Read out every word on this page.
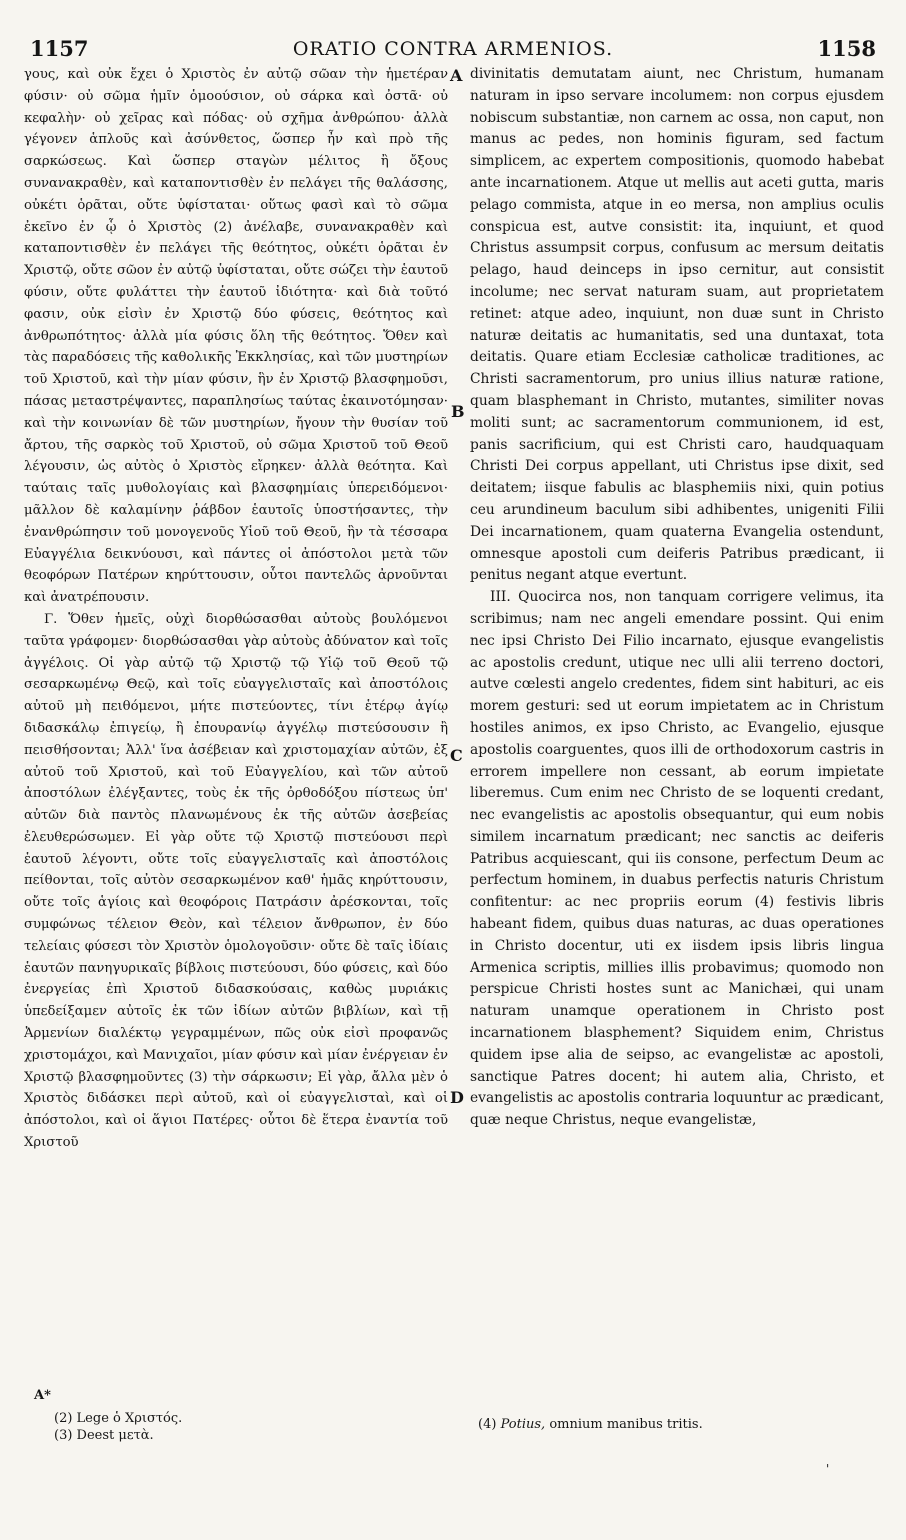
1157	ORATIO CONTRA ARMENIOS.	1158

γους, καὶ οὐκ ἔχει ὁ Χριστὸς ἐν αὐτῷ σῶαν τὴν ἡμετέραν φύσιν· οὐ σῶμα ἡμῖν ὁμοούσιον, οὐ σάρκα καὶ ὀστᾶ· οὐ κεφαλὴν· οὐ χεῖρας καὶ πόδας· οὐ σχῆμα ἀνθρώπου· ἀλλὰ γέγονεν ἁπλοῦς καὶ ἀσύνθετος, ὥσπερ ἦν καὶ πρὸ τῆς σαρκώσεως. Καὶ ὥσπερ σταγὼν μέλιτος ἢ ὄξους συνανακραθὲν, καὶ καταποντισθὲν ἐν πελάγει τῆς θαλάσσης, οὐκέτι ὁρᾶται, οὔτε ὑφίσταται· οὕτως φασὶ καὶ τὸ σῶμα ἐκεῖνο ἐν ᾧ ὁ Χριστὸς (2) ἀνέλαβε, συνανακραθὲν καὶ καταποντισθὲν ἐν πελάγει τῆς θεότητος, οὐκέτι ὁρᾶται ἐν Χριστῷ, οὔτε σῶον ἐν αὐτῷ ὑφίσταται, οὔτε σώζει τὴν ἑαυτοῦ φύσιν, οὔτε φυλάττει τὴν ἑαυτοῦ ἰδιότητα· καὶ διὰ τοῦτό φασιν, οὐκ εἰσὶν ἐν Χριστῷ δύο φύσεις, θεότητος καὶ ἀνθρωπότητος· ἀλλὰ μία φύσις ὅλη τῆς θεότητος. Ὅθεν καὶ τὰς παραδόσεις τῆς καθολικῆς Ἐκκλησίας, καὶ τῶν μυστηρίων τοῦ Χριστοῦ, καὶ τὴν μίαν φύσιν, ἣν ἐν Χριστῷ βλασφημοῦσι, πάσας μεταστρέψαντες, παραπλησίως ταύτας ἐκαινοτόμησαν· καὶ τὴν κοινωνίαν δὲ τῶν μυστηρίων, ἤγουν τὴν θυσίαν τοῦ ἄρτου, τῆς σαρκὸς τοῦ Χριστοῦ, οὐ σῶμα Χριστοῦ τοῦ Θεοῦ λέγουσιν, ὡς αὐτὸς ὁ Χριστὸς εἴρηκεν· ἀλλὰ θεότητα. Καὶ ταύταις ταῖς μυθολογίαις καὶ βλασφημίαις ὑπερειδόμενοι· μᾶλλον δὲ καλαμίνην ῥάβδον ἑαυτοῖς ὑποστήσαντες, τὴν ἐνανθρώπησιν τοῦ μονογενοῦς Υἱοῦ τοῦ Θεοῦ, ἣν τὰ τέσσαρα Εὐαγγέλια δεικνύουσι, καὶ πάντες οἱ ἀπόστολοι μετὰ τῶν θεοφόρων Πατέρων κηρύττουσιν, οὗτοι παντελῶς ἀρνοῦνται καὶ ἀνατρέπουσιν.

Γ. Ὅθεν ἡμεῖς, οὐχὶ διορθώσασθαι αὐτοὺς βουλόμενοι ταῦτα γράφομεν· διορθώσασθαι γὰρ αὐτοὺς ἀδύνατον καὶ τοῖς ἀγγέλοις. Οἱ γὰρ αὐτῷ τῷ Χριστῷ τῷ Υἱῷ τοῦ Θεοῦ τῷ σεσαρκωμένῳ Θεῷ, καὶ τοῖς εὐαγγελισταῖς καὶ ἀποστόλοις αὐτοῦ μὴ πειθόμενοι, μήτε πιστεύοντες, τίνι ἑτέρῳ ἁγίῳ διδασκάλῳ ἐπιγείῳ, ἢ ἐπουρανίῳ ἀγγέλῳ πιστεύσουσιν ἢ πεισθήσονται; Ἀλλ' ἵνα ἀσέβειαν καὶ χριστομαχίαν αὐτῶν, ἐξ αὐτοῦ τοῦ Χριστοῦ, καὶ τοῦ Εὐαγγελίου, καὶ τῶν αὐτοῦ ἀποστόλων ἐλέγξαντες, τοὺς ἐκ τῆς ὀρθοδόξου πίστεως ὑπ' αὐτῶν διὰ παντὸς πλανωμένους ἐκ τῆς αὐτῶν ἀσεβείας ἐλευθερώσωμεν. Εἰ γὰρ οὔτε τῷ Χριστῷ πιστεύουσι περὶ ἑαυτοῦ λέγοντι, οὔτε τοῖς εὐαγγελισταῖς καὶ ἀποστόλοις πείθονται, τοῖς αὐτὸν σεσαρκωμένον καθ' ἡμᾶς κηρύττουσιν, οὔτε τοῖς ἁγίοις καὶ θεοφόροις Πατράσιν ἀρέσκονται, τοῖς συμφώνως τέλειον Θεὸν, καὶ τέλειον ἄνθρωπον, ἐν δύο τελείαις φύσεσι τὸν Χριστὸν ὁμολογοῦσιν· οὔτε δὲ ταῖς ἰδίαις ἑαυτῶν πανηγυρικαῖς βίβλοις πιστεύουσι, δύο φύσεις, καὶ δύο ἐνεργείας ἐπὶ Χριστοῦ διδασκούσαις, καθὼς μυριάκις ὑπεδείξαμεν αὐτοῖς ἐκ τῶν ἰδίων αὐτῶν βιβλίων, καὶ τῇ Ἀρμενίων διαλέκτῳ γεγραμμένων, πῶς οὐκ εἰσὶ προφανῶς χριστομάχοι, καὶ Μανιχαῖοι, μίαν φύσιν καὶ μίαν ἐνέργειαν ἐν Χριστῷ βλασφημοῦντες (3) τὴν σάρκωσιν; Εἰ γὰρ, ἄλλα μὲν ὁ Χριστὸς διδάσκει περὶ αὐτοῦ, καὶ οἱ εὐαγγελισταὶ, καὶ οἱ ἀπόστολοι, καὶ οἱ ἅγιοι Πατέρες· οὗτοι δὲ ἕτερα ἐναντία τοῦ Χριστοῦ

divinitatis demutatam aiunt, nec Christum, humanam naturam in ipso servare incolumem: non corpus ejusdem nobiscum substantiæ, non carnem ac ossa, non caput, non manus ac pedes, non hominis figuram, sed factum simplicem, ac expertem compositionis, quomodo habebat ante incarnationem. Atque ut mellis aut aceti gutta, maris pelago commista, atque in eo mersa, non amplius oculis conspicua est, autve consistit: ita, inquiunt, et quod Christus assumpsit corpus, confusum ac mersum deitatis pelago, haud deinceps in ipso cernitur, aut consistit incolume; nec servat naturam suam, aut proprietatem retinet: atque adeo, inquiunt, non duæ sunt in Christo naturæ deitatis ac humanitatis, sed una duntaxat, tota deitatis. Quare etiam Ecclesiæ catholicæ traditiones, ac Christi sacramentorum, pro unius illius naturæ ratione, quam blasphemant in Christo, mutantes, similiter novas moliti sunt; ac sacramentorum communionem, id est, panis sacrificium, qui est Christi caro, haudquaquam Christi Dei corpus appellant, uti Christus ipse dixit, sed deitatem; iisque fabulis ac blasphemiis nixi, quin potius ceu arundineum baculum sibi adhibentes, unigeniti Filii Dei incarnationem, quam quaterna Evangelia ostendunt, omnesque apostoli cum deiferis Patribus prædicant, ii penitus negant atque evertunt.

III. Quocirca nos, non tanquam corrigere velimus, ita scribimus; nam nec angeli emendare possint. Qui enim nec ipsi Christo Dei Filio incarnato, ejusque evangelistis ac apostolis credunt, utique nec ulli alii terreno doctori, autve cœlesti angelo credentes, fidem sint habituri, ac eis morem gesturi: sed ut eorum impietatem ac in Christum hostiles animos, ex ipso Christo, ac Evangelio, ejusque apostolis coarguentes, quos illi de orthodoxorum castris in errorem impellere non cessant, ab eorum impietate liberemus. Cum enim nec Christo de se loquenti credant, nec evangelistis ac apostolis obsequantur, qui eum nobis similem incarnatum prædicant; nec sanctis ac deiferis Patribus acquiescant, qui iis consone, perfectum Deum ac perfectum hominem, in duabus perfectis naturis Christum confitentur: ac nec propriis eorum (4) festivis libris habeant fidem, quibus duas naturas, ac duas operationes in Christo docentur, uti ex iisdem ipsis libris lingua Armenica scriptis, millies illis probavimus; quomodo non perspicue Christi hostes sunt ac Manichæi, qui unam naturam unamque operationem in Christo post incarnationem blasphement? Siquidem enim, Christus quidem ipse alia de seipso, ac evangelistæ ac apostoli, sanctique Patres docent; hi autem alia, Christo, et evangelistis ac apostolis contraria loquuntur ac prædicant, quæ neque Christus, neque evangelistæ,

A
B
C
D
A*
(2) Lege ὁ Χριστός.
(3) Deest μετὰ.
(4) Potius, omnium manibus tritis.
'
